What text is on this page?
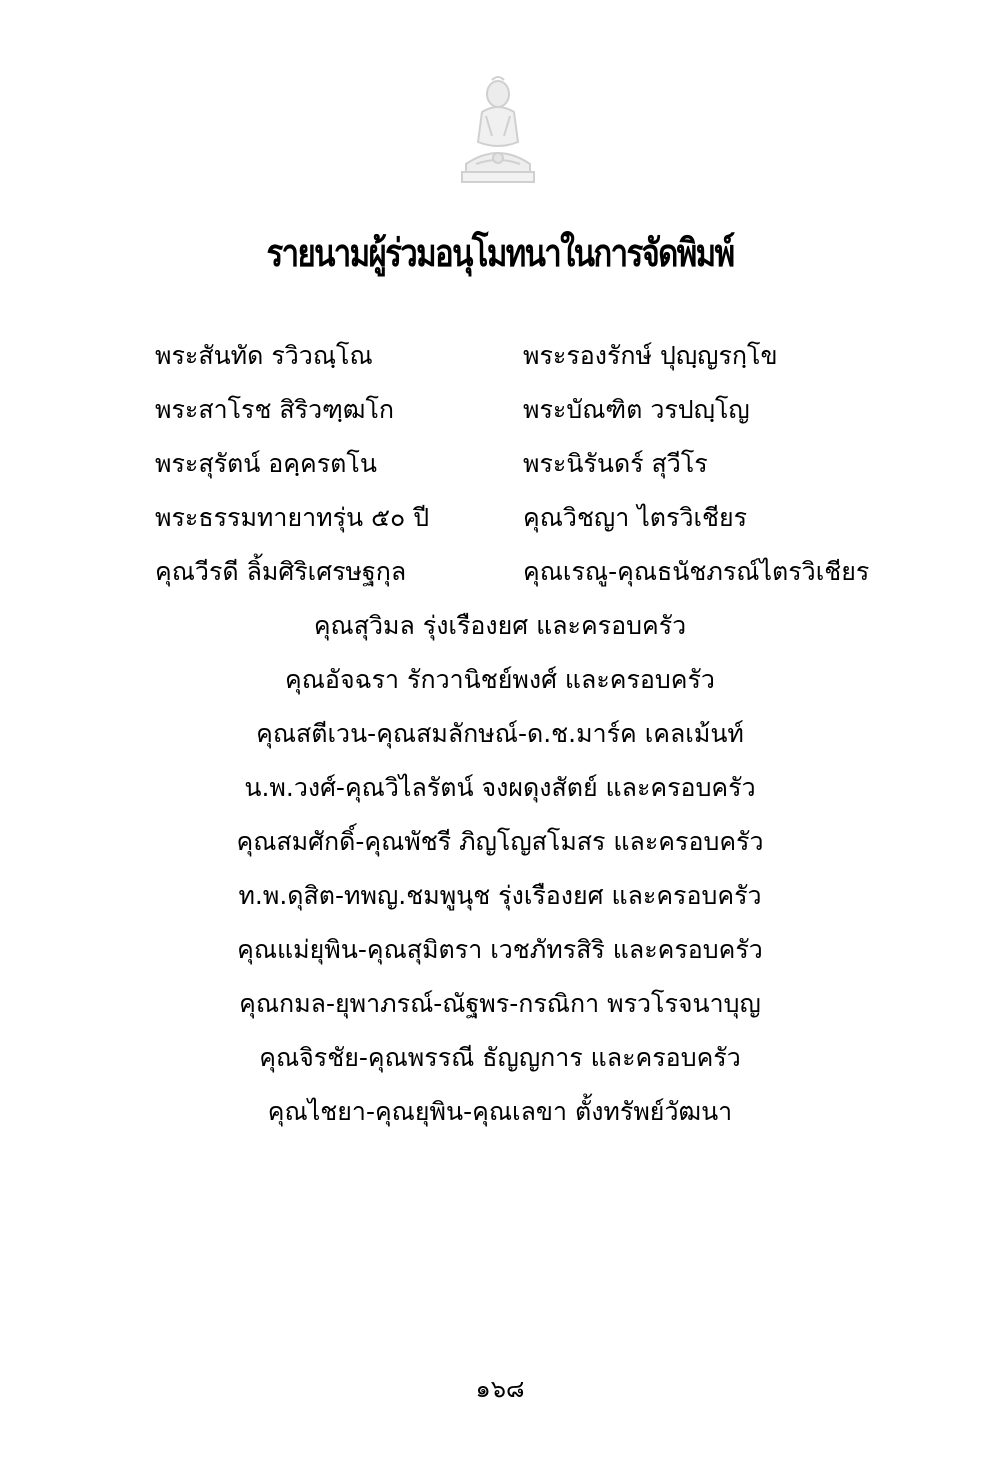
รายนามผู้ร่วมอนุโมทนาในการจัดพิมพ์
พระสันทัด รวิวณฺโณ	พระรองรักษ์ ปุญฺญรกฺโข
พระสาโรช สิริวฑฺฒโก	พระบัณฑิต วรปญฺโญ
พระสุรัตน์ อคฺครตโน	พระนิรันดร์ สุวีโร
พระธรรมทายาทรุ่น ๕๐ ปี	คุณวิชญา ไตรวิเชียร
คุณวีรดี ลิ้มศิริเศรษฐกุล	คุณเรณู-คุณธนัชภรณ์ไตรวิเชียร
คุณสุวิมล รุ่งเรืองยศ และครอบครัว
คุณอัจฉรา รักวานิชย์พงศ์ และครอบครัว
คุณสตีเวน-คุณสมลักษณ์-ด.ช.มาร์ค เคลเม้นท์
น.พ.วงศ์-คุณวิไลรัตน์ จงผดุงสัตย์ และครอบครัว
คุณสมศักดิ์-คุณพัชรี ภิญโญสโมสร และครอบครัว
ท.พ.ดุสิต-ทพญ.ชมพูนุช รุ่งเรืองยศ และครอบครัว
คุณแม่ยุพิน-คุณสุมิตรา เวชภัทรสิริ และครอบครัว
คุณกมล-ยุพาภรณ์-ณัฐพร-กรณิกา พรวโรจนาบุญ
คุณจิรชัย-คุณพรรณี ธัญญการ และครอบครัว
คุณไชยา-คุณยุพิน-คุณเลขา ตั้งทรัพย์วัฒนา
๑๖๘
